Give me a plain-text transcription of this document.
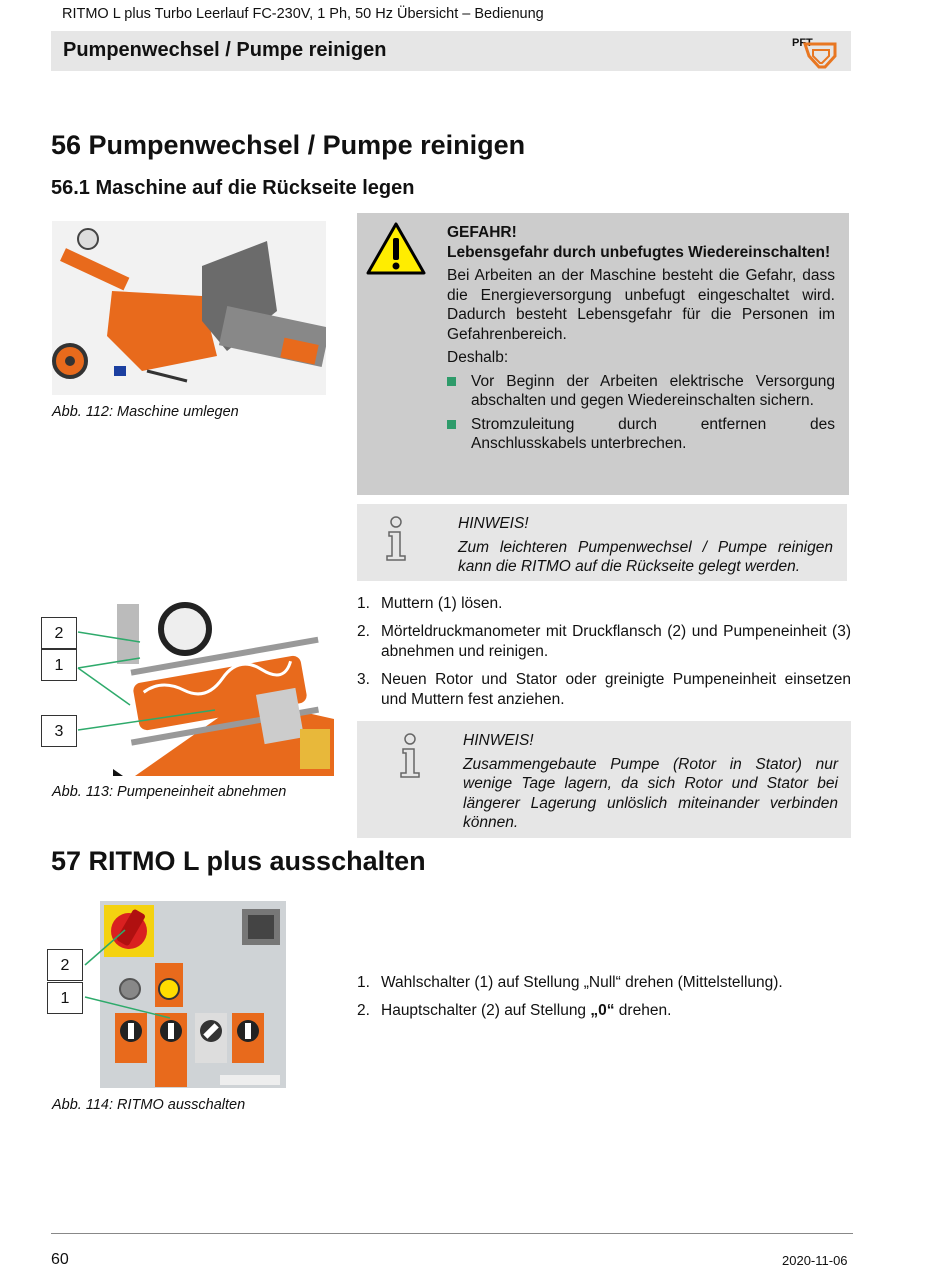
RITMO L plus Turbo Leerlauf FC-230V, 1 Ph, 50 Hz Übersicht – Bedienung
Pumpenwechsel / Pumpe reinigen	PFT
56 Pumpenwechsel / Pumpe reinigen
56.1 Maschine auf die Rückseite legen
Abb. 112: Maschine umlegen
GEFAHR!
Lebensgefahr durch unbefugtes Wiedereinschalten!

Bei Arbeiten an der Maschine besteht die Gefahr, dass die Energieversorgung unbefugt eingeschaltet wird. Dadurch besteht Lebensgefahr für die Personen im Gefahrenbereich.

Deshalb:

Vor Beginn der Arbeiten elektrische Versorgung abschalten und gegen Wiedereinschalten sichern.
Stromzuleitung durch entfernen des Anschlusskabels unterbrechen.
HINWEIS!
Zum leichteren Pumpenwechsel / Pumpe reinigen kann die RITMO auf die Rückseite gelegt werden.
2
1
3
Abb. 113: Pumpeneinheit abnehmen
1. Muttern (1) lösen.
2. Mörteldruckmanometer mit Druckflansch (2) und Pumpeneinheit (3) abnehmen und reinigen.
3. Neuen Rotor und Stator oder greinigte Pumpeneinheit einsetzen und Muttern fest anziehen.
HINWEIS!
Zusammengebaute Pumpe (Rotor in Stator) nur wenige Tage lagern, da sich Rotor und Stator bei längerer Lagerung unlöslich miteinander verbinden können.
57 RITMO L plus ausschalten
2
1
Abb. 114: RITMO ausschalten
1. Wahlschalter (1) auf Stellung „Null“ drehen (Mittelstellung).
2. Hauptschalter (2) auf Stellung „0“ drehen.
60	2020-11-06
